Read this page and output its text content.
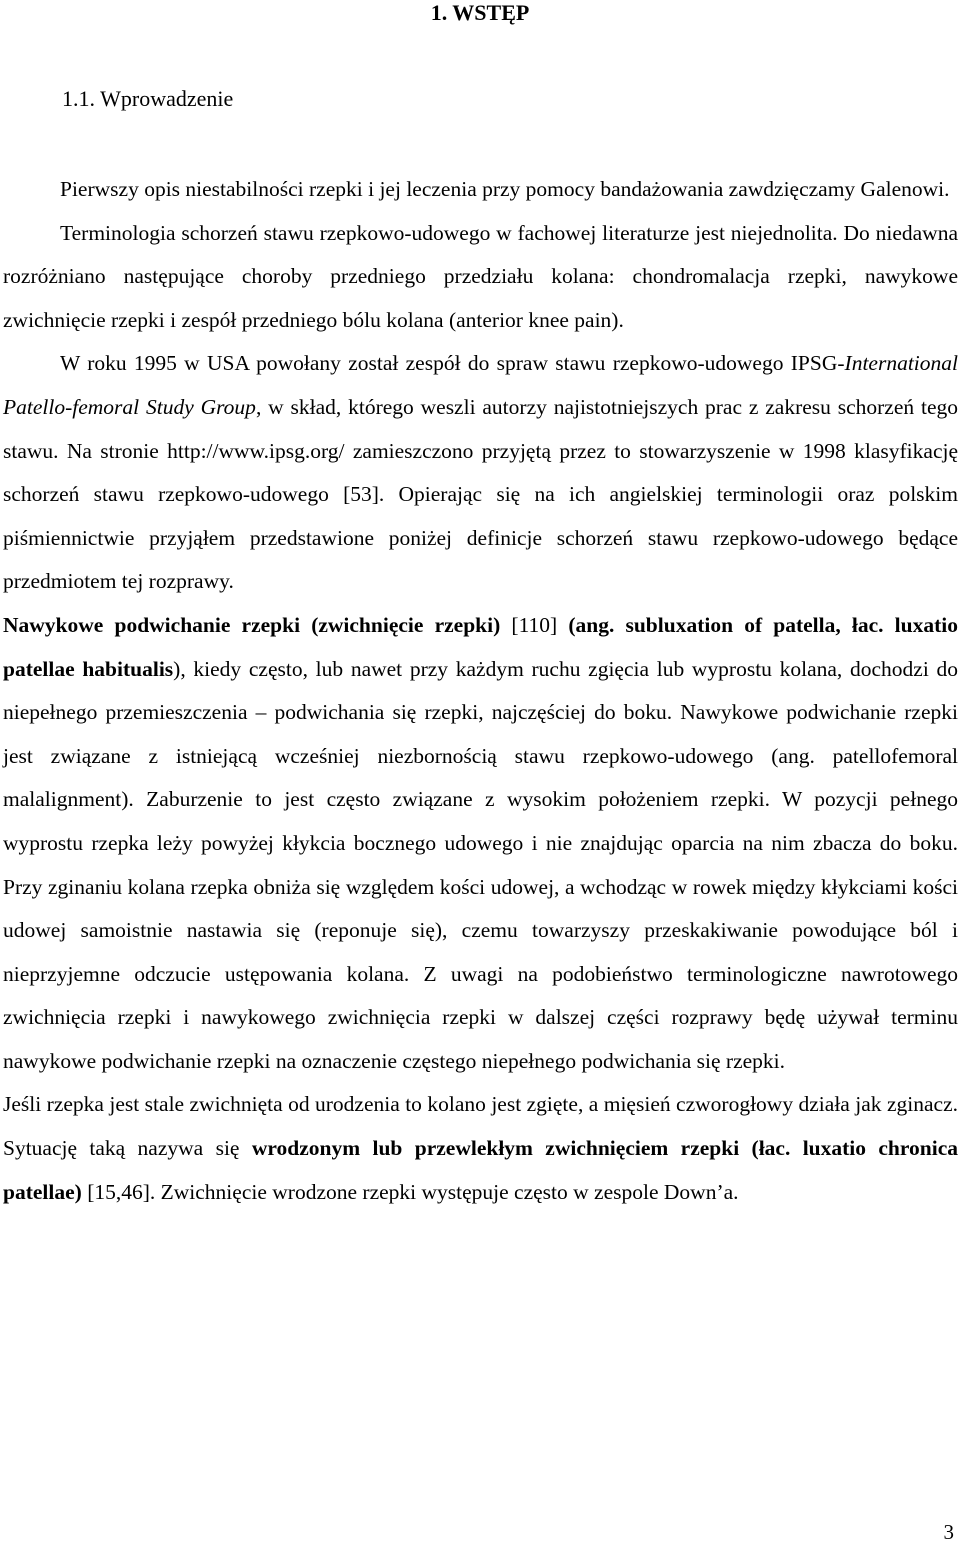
1. WSTĘP
1.1. Wprowadzenie

Pierwszy opis niestabilności rzepki i jej leczenia przy pomocy bandażowania zawdzięczamy Galenowi.

Terminologia schorzeń stawu rzepkowo-udowego w fachowej literaturze jest niejednolita. Do niedawna rozróżniano następujące choroby przedniego przedziału kolana: chondromalacja rzepki, nawykowe zwichnięcie rzepki i zespół przedniego bólu kolana (anterior knee pain).

W roku 1995 w USA powołany został zespół do spraw stawu rzepkowo-udowego IPSG-International Patello-femoral Study Group, w skład, którego weszli autorzy najistotniejszych prac z zakresu schorzeń tego stawu. Na stronie http://www.ipsg.org/ zamieszczono przyjętą przez to stowarzyszenie w 1998 klasyfikację schorzeń stawu rzepkowo-udowego [53]. Opierając się na ich angielskiej terminologii oraz polskim piśmiennictwie przyjąłem przedstawione poniżej definicje schorzeń stawu rzepkowo-udowego będące przedmiotem tej rozprawy.

Nawykowe podwichanie rzepki (zwichnięcie rzepki) [110] (ang. subluxation of patella, łac. luxatio patellae habitualis), kiedy często, lub nawet przy każdym ruchu zgięcia lub wyprostu kolana, dochodzi do niepełnego przemieszczenia – podwichania się rzepki, najczęściej do boku. Nawykowe podwichanie rzepki jest związane z istniejącą wcześniej niezbornością stawu rzepkowo-udowego (ang. patellofemoral malalignment). Zaburzenie to jest często związane z wysokim położeniem rzepki. W pozycji pełnego wyprostu rzepka leży powyżej kłykcia bocznego udowego i nie znajdując oparcia na nim zbacza do boku. Przy zginaniu kolana rzepka obniża się względem kości udowej, a wchodząc w rowek między kłykciami kości udowej samoistnie nastawia się (reponuje się), czemu towarzyszy przeskakiwanie powodujące ból i nieprzyjemne odczucie ustępowania kolana. Z uwagi na podobieństwo terminologiczne nawrotowego zwichnięcia rzepki i nawykowego zwichnięcia rzepki w dalszej części rozprawy będę używał terminu nawykowe podwichanie rzepki na oznaczenie częstego niepełnego podwichania się rzepki.

Jeśli rzepka jest stale zwichnięta od urodzenia to kolano jest zgięte, a mięsień czworogłowy działa jak zginacz. Sytuację taką nazywa się wrodzonym lub przewlekłym zwichnięciem rzepki (łac. luxatio chronica patellae) [15,46]. Zwichnięcie wrodzone rzepki występuje często w zespole Down’a.

3
